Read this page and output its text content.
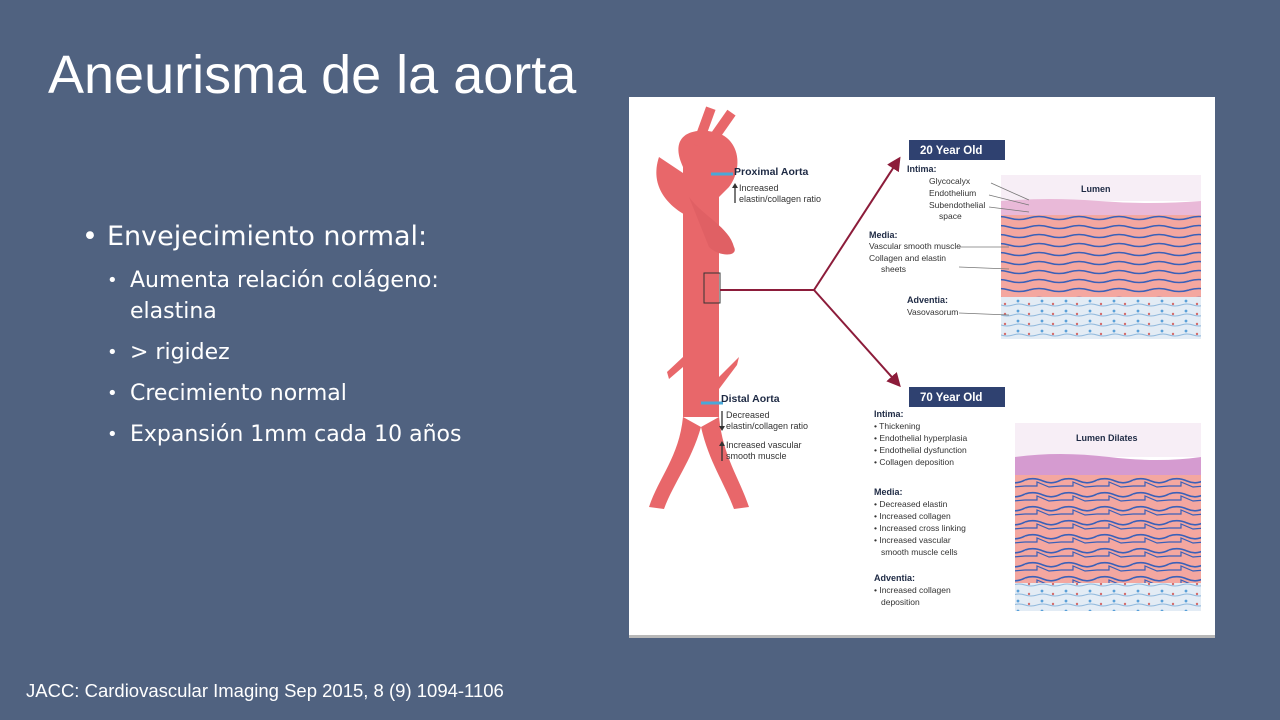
Aneurisma de la aorta
• Envejecimiento normal:
• Aumenta relación colágeno: elastina
• > rigidez
• Crecimiento normal
• Expansión 1mm cada 10 años
Proximal Aorta
Increased
elastin/collagen ratio
Distal Aorta
Decreased
elastin/collagen ratio
Increased vascular
smooth muscle
20 Year Old
Intima:
Glycocalyx
Endothelium
Subendothelial
space
Media:
Vascular smooth muscle
Collagen and elastin
sheets
Adventia:
Vasovasorum
Lumen
70 Year Old
Intima:
• Thickening
• Endothelial hyperplasia
• Endothelial dysfunction
• Collagen deposition
Media:
• Decreased elastin
• Increased collagen
• Increased cross linking
• Increased vascular
smooth muscle cells
Adventia:
• Increased collagen
deposition
Lumen Dilates
JACC: Cardiovascular Imaging Sep 2015, 8 (9) 1094-1106
